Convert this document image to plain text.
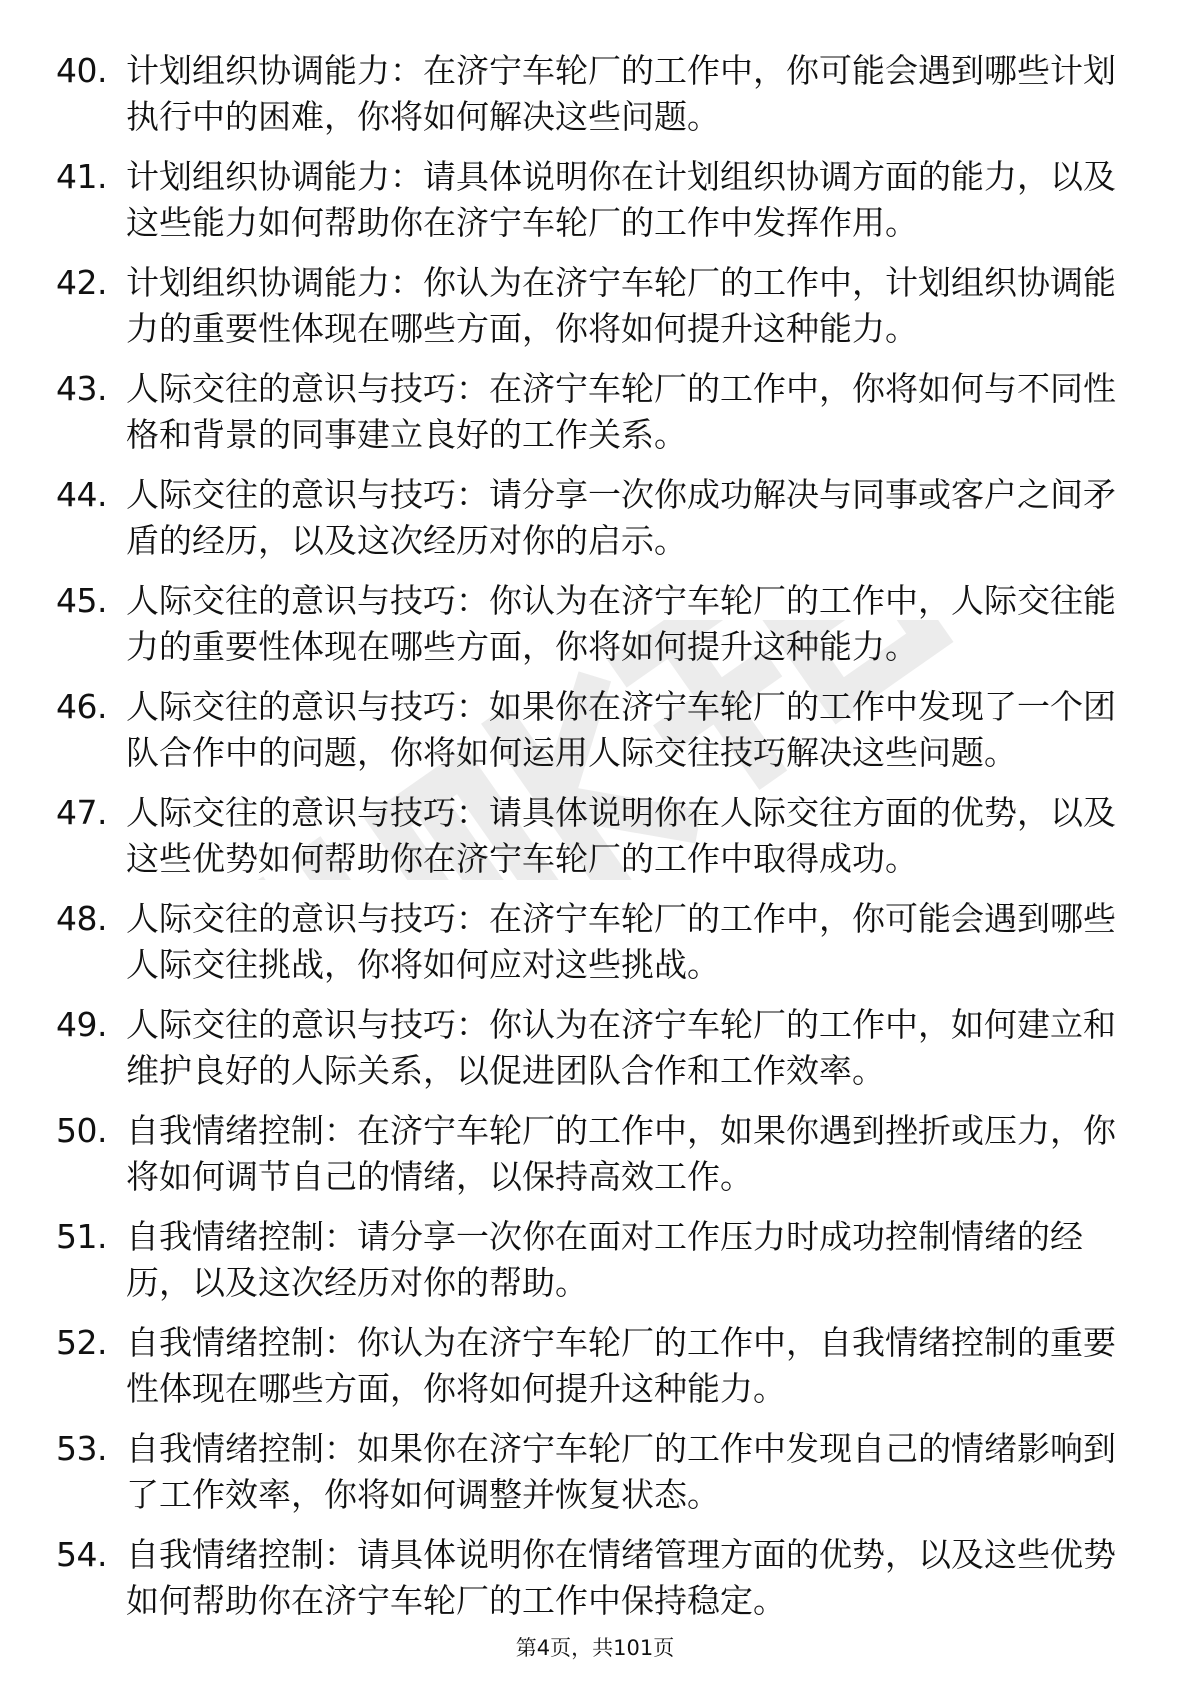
40. 计划组织协调能力：在济宁车轮厂的工作中，你可能会遇到哪些计划执行中的困难，你将如何解决这些问题。
41. 计划组织协调能力：请具体说明你在计划组织协调方面的能力，以及这些能力如何帮助你在济宁车轮厂的工作中发挥作用。
42. 计划组织协调能力：你认为在济宁车轮厂的工作中，计划组织协调能力的重要性体现在哪些方面，你将如何提升这种能力。
43. 人际交往的意识与技巧：在济宁车轮厂的工作中，你将如何与不同性格和背景的同事建立良好的工作关系。
44. 人际交往的意识与技巧：请分享一次你成功解决与同事或客户之间矛盾的经历，以及这次经历对你的启示。
45. 人际交往的意识与技巧：你认为在济宁车轮厂的工作中，人际交往能力的重要性体现在哪些方面，你将如何提升这种能力。
46. 人际交往的意识与技巧：如果你在济宁车轮厂的工作中发现了一个团队合作中的问题，你将如何运用人际交往技巧解决这些问题。
47. 人际交往的意识与技巧：请具体说明你在人际交往方面的优势，以及这些优势如何帮助你在济宁车轮厂的工作中取得成功。
48. 人际交往的意识与技巧：在济宁车轮厂的工作中，你可能会遇到哪些人际交往挑战，你将如何应对这些挑战。
49. 人际交往的意识与技巧：你认为在济宁车轮厂的工作中，如何建立和维护良好的人际关系，以促进团队合作和工作效率。
50. 自我情绪控制：在济宁车轮厂的工作中，如果你遇到挫折或压力，你将如何调节自己的情绪，以保持高效工作。
51. 自我情绪控制：请分享一次你在面对工作压力时成功控制情绪的经历，以及这次经历对你的帮助。
52. 自我情绪控制：你认为在济宁车轮厂的工作中，自我情绪控制的重要性体现在哪些方面，你将如何提升这种能力。
53. 自我情绪控制：如果你在济宁车轮厂的工作中发现自己的情绪影响到了工作效率，你将如何调整并恢复状态。
54. 自我情绪控制：请具体说明你在情绪管理方面的优势，以及这些优势如何帮助你在济宁车轮厂的工作中保持稳定。
第4页，共101页
